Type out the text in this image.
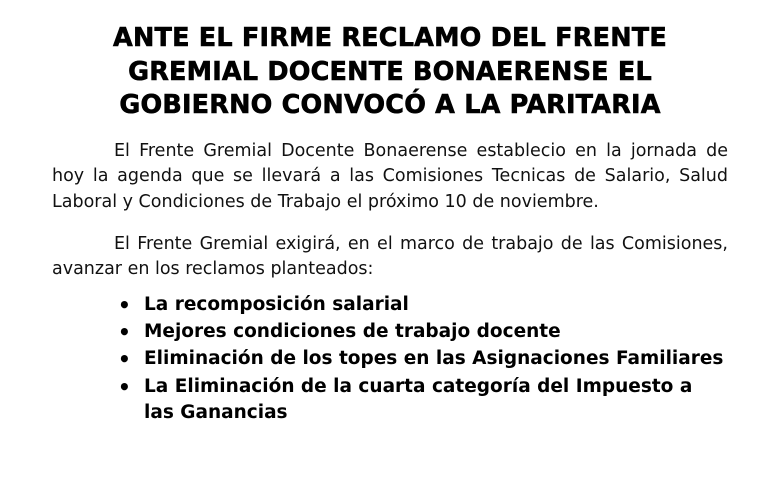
ANTE EL FIRME RECLAMO DEL FRENTE
GREMIAL DOCENTE BONAERENSE EL
GOBIERNO CONVOCÓ A LA PARITARIA

El Frente Gremial Docente Bonaerense establecio en la jornada de hoy la agenda que se llevará a las Comisiones Tecnicas de Salario, Salud Laboral y Condiciones de Trabajo el próximo 10 de noviembre.

El Frente Gremial exigirá, en el marco de trabajo de las Comisiones, avanzar en los reclamos planteados:

• La recomposición salarial
• Mejores condiciones de trabajo docente
• Eliminación de los topes en las Asignaciones Familiares
• La Eliminación de la cuarta categoría del Impuesto a las Ganancias
